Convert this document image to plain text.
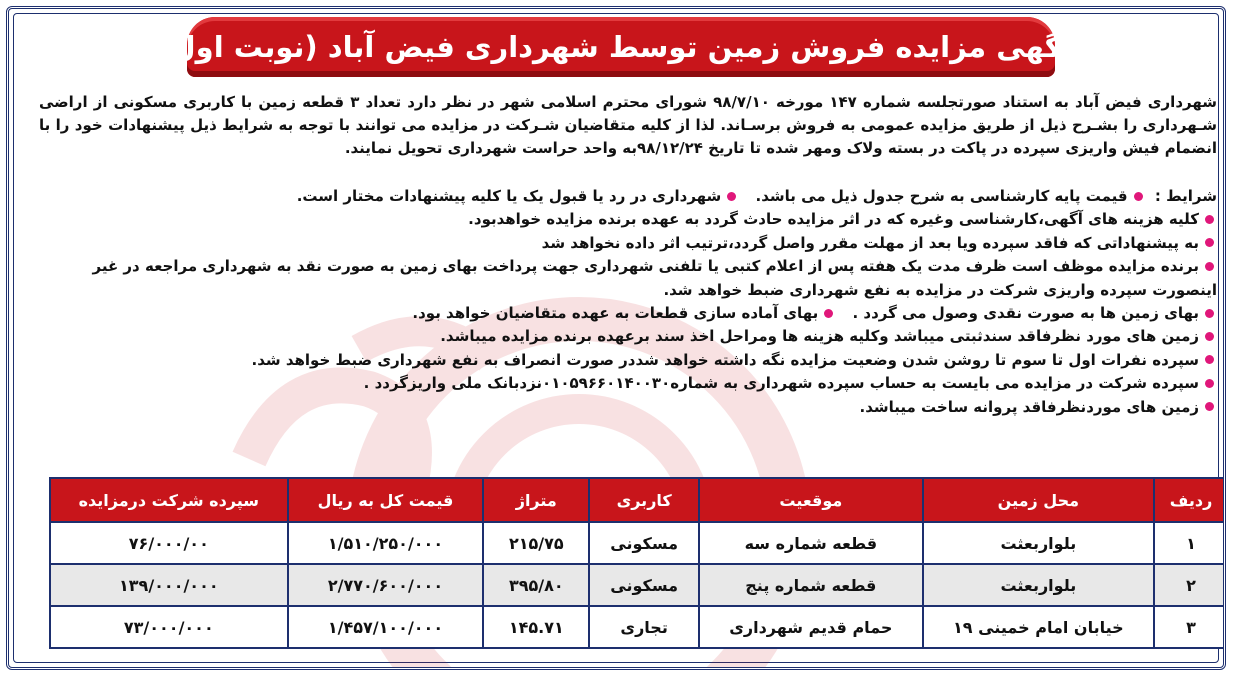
آگهی مزایده فروش زمین توسط شهرداری فیض آباد (نوبت اول

شهرداری فیض آباد به استناد صورتجلسه شماره ۱۴۷ مورخه ۹۸/۷/۱۰ شورای محترم اسلامی شهر در نظر دارد تعداد ۳ قطعه زمین با کاربری مسکونی از اراضی شـهرداری را بشـرح ذیل از طریق مزایده عمومی به فروش برسـاند. لذا از کلیه متقاضیان شـرکت در مزایده می توانند با توجه به شرایط ذیل پیشنهادات خود را با انضمام فیش واریزی سپرده در پاکت در بسته ولاک ومهر شده تا تاریخ ۹۸/۱۲/۲۴به واحد حراست شهرداری تحویل نمایند.

شرایط : قیمت پایه کارشناسی به شرح جدول ذیل می باشد. شهرداری در رد یا قبول یک یا کلیه پیشنهادات مختار است.
کلیه هزینه های آگهی،کارشناسی وغیره که در اثر مزایده حادث گردد به عهده برنده مزایده خواهدبود.
به پیشنهاداتی که فاقد سپرده ویا بعد از مهلت مقرر واصل گردد،ترتیب اثر داده نخواهد شد
برنده مزایده موظف است ظرف مدت یک هفته پس از اعلام کتبی یا تلفنی شهرداری جهت پرداخت بهای زمین به صورت نقد به شهرداری مراجعه در غیر اینصورت سپرده واریزی شرکت در مزایده به نفع شهرداری ضبط خواهد شد.
بهای زمین ها به صورت نقدی وصول می گردد . بهای آماده سازی قطعات به عهده متقاضیان خواهد بود.
زمین های مورد نظرفاقد سندثبتی میباشد وکلیه هزینه ها ومراحل اخذ سند برعهده برنده مزایده میباشد.
سپرده نفرات اول تا سوم تا روشن شدن وضعیت مزایده نگه داشته خواهد شددر صورت انصراف به نفع شهرداری ضبط خواهد شد.
سپرده شرکت در مزایده می بایست به حساب سپرده شهرداری به شماره۰۱۰۵۹۶۶۰۱۴۰۰۳۰نزدبانک ملی واریزگردد .
زمین های موردنظرفاقد پروانه ساخت میباشد.
ردیف	محل زمین	موقعیت	کاربری	متراژ	قیمت کل به ریال	سپرده شرکت درمزایده
۱	بلواربعثت	قطعه شماره سه	مسکونی	۲۱۵/۷۵	۱/۵۱۰/۲۵۰/۰۰۰	۷۶/۰۰۰/۰۰
۲	بلواربعثت	قطعه شماره پنج	مسکونی	۳۹۵/۸۰	۲/۷۷۰/۶۰۰/۰۰۰	۱۳۹/۰۰۰/۰۰۰
۳	خیابان امام خمینی ۱۹	حمام قدیم شهرداری	تجاری	۱۴۵.۷۱	۱/۴۵۷/۱۰۰/۰۰۰	۷۳/۰۰۰/۰۰۰
